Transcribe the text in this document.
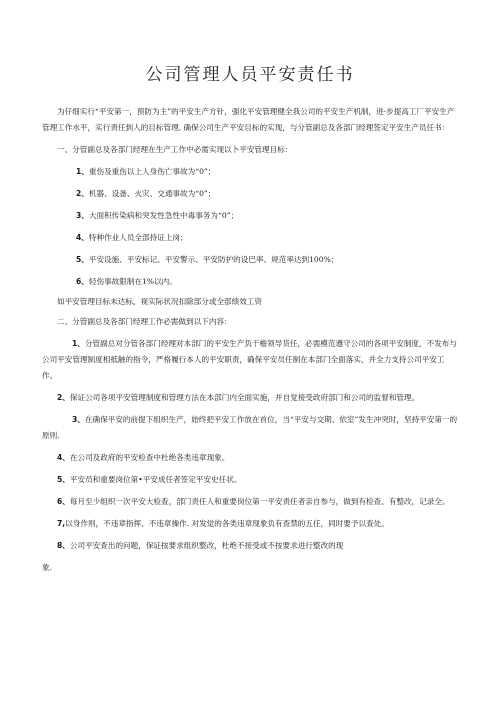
公司管理人员平安责任书

为仔细实行“平安第一，预防为主”的平安生产方针，强化平安管理健全我公司的平安生产机制，进·步提高工厂平安生产管理工作水平，实行责任到人的目标管理, 确保公司生产平安目标的实现，与分管副总及各部门经理签定平安生产员任书：

一、分管副总及各部门经理在生产工作中必需实现以卜平安管理目标：

1、重伤及重伤以上人身伤亡事故为“0”；

2、机器、设备、火灾、交通事故为“0”；

3、大面积传染病和突发性急性中毒事务为“0”；

4、特种作业人员全部持证上岗；

5、平安设施、平安标记、平安警示、平安防护的设巴率、规范率达到100%；

6、轻伤事故限制在1%以内。

如平安管理目标未达标，视实际状况扣除部分或全部绩效工资

二、分管副总及各部门经理工作必需做到以下内容：

1、分管副总对分管各部门经理对本部门的平安生产负干檐领导货任，必需模范遵守公司的各项平安制度，不发布与公司平安管理制度相抵触的指令，严格履行本人的平安职责，确保平安员任制在本部门全面落实，并全力支持公司平安工作。

2、保证公司各项平安管理制度和管理方法在本部门内全面实施，并自觉接受政府部门和公司的监督和管理。

3、在确保平安的前提下组织生产，始终把平安工作放在首位，当“平安与交期、依室”发生冲突时，坚持平安第一的原则.

4、在公司及政府的平安检查中杜绝各类违章现象。

5、平安员和重要岗位第•平安成任者签定平安史任状。

6、每月至少组织一次平安大检查，部门责任人和重要岗位第一平安责任者亲自参与，做到有检查、有整改，记录全。

7,以身作则，不违章指挥、不违章操作. 对发觉的各类违章现象负有查禁的五任，同时要予以查处。

8、公司平安查出的问题，保证按要求组织整改，杜绝不接受或不按要求进行整改的现

象.
